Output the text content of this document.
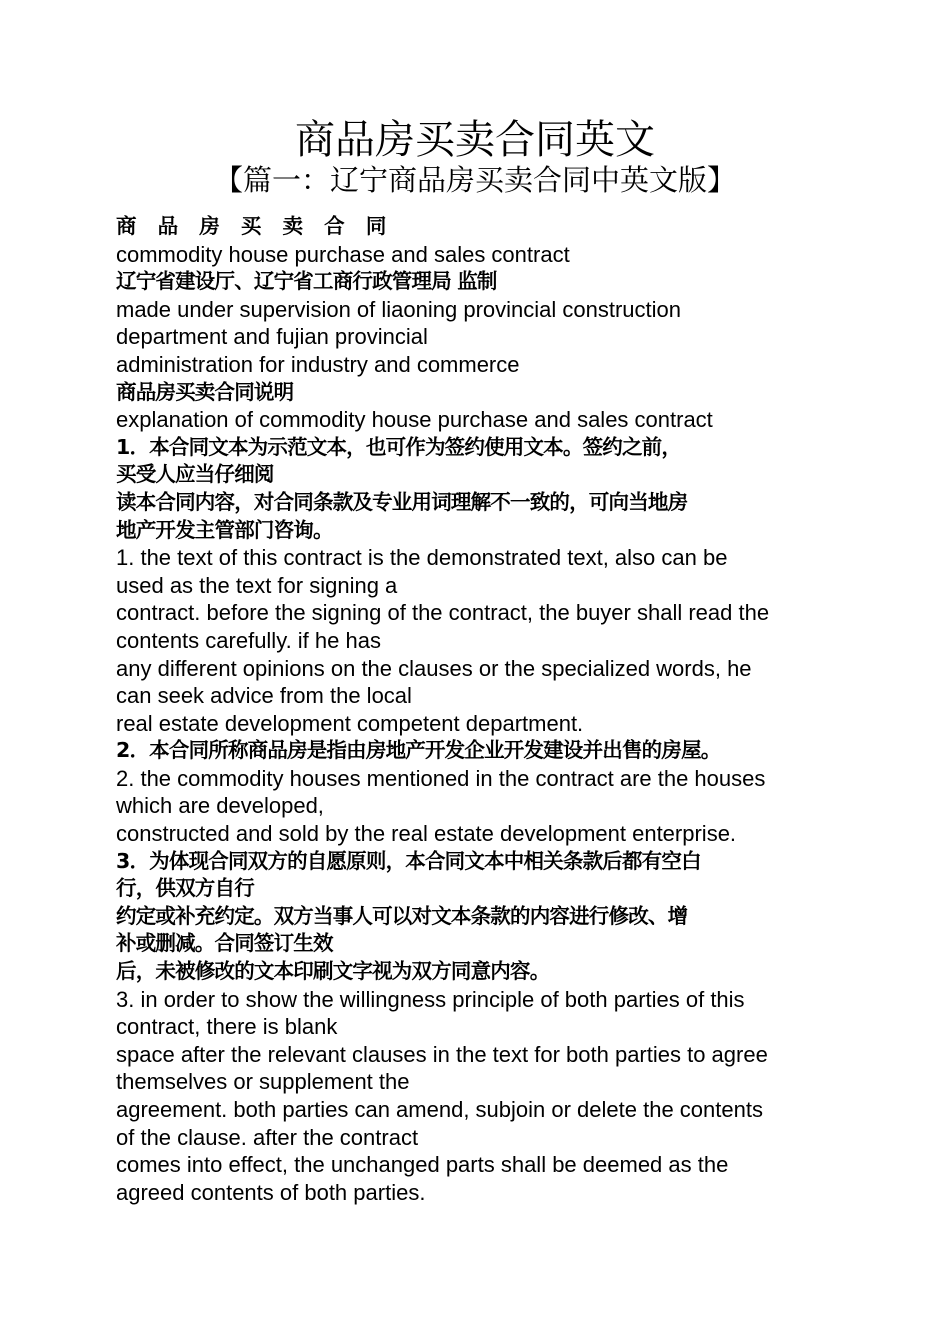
商品房买卖合同英文
【篇一：辽宁商品房买卖合同中英文版】
商 品 房 买 卖 合 同
commodity house purchase and sales contract
辽宁省建设厅、辽宁省工商行政管理局 监制
made under supervision of liaoning provincial construction
department and fujian provincial
administration for industry and commerce
商品房买卖合同说明
explanation of commodity house purchase and sales contract
1．本合同文本为示范文本，也可作为签约使用文本。签约之前，
买受人应当仔细阅
读本合同内容，对合同条款及专业用词理解不一致的，可向当地房
地产开发主管部门咨询。
1. the text of this contract is the demonstrated text, also can be
used as the text for signing a
contract. before the signing of the contract, the buyer shall read the
contents carefully. if he has
any different opinions on the clauses or the specialized words, he
can seek advice from the local
real estate development competent department.
2．本合同所称商品房是指由房地产开发企业开发建设并出售的房屋。
2. the commodity houses mentioned in the contract are the houses
which are developed,
constructed and sold by the real estate development enterprise.
3．为体现合同双方的自愿原则，本合同文本中相关条款后都有空白
行，供双方自行
约定或补充约定。双方当事人可以对文本条款的内容进行修改、增
补或删减。合同签订生效
后，未被修改的文本印刷文字视为双方同意内容。
3. in order to show the willingness principle of both parties of this
contract, there is blank
space after the relevant clauses in the text for both parties to agree
themselves or supplement the
agreement. both parties can amend, subjoin or delete the contents
of the clause. after the contract
comes into effect, the unchanged parts shall be deemed as the
agreed contents of both parties.
